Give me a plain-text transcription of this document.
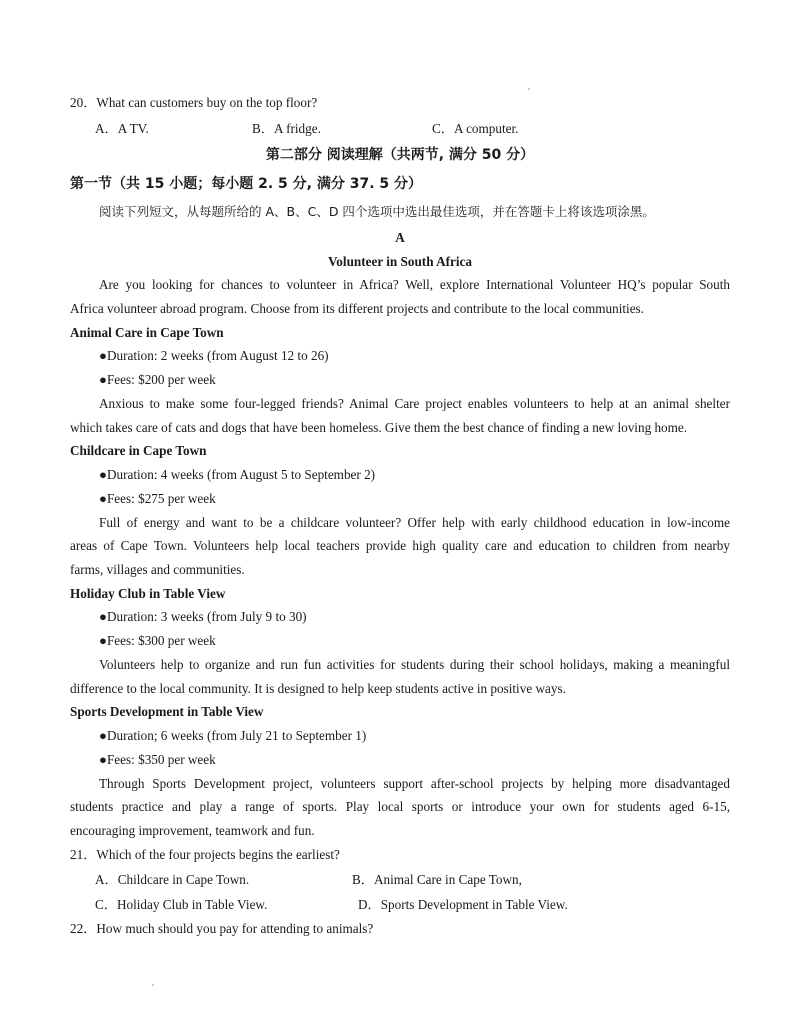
20．What can customers buy on the top floor?
A．A TV.	B．A fridge.	C．A computer.
第二部分 阅读理解（共两节, 满分 50 分）
第一节（共 15 小题；每小题 2. 5 分, 满分 37. 5 分）
阅读下列短文，从每题所给的 A、B、C、D 四个选项中选出最佳选项，并在答题卡上将该选项涂黑。
A
Volunteer in South Africa
Are you looking for chances to volunteer in Africa? Well, explore International Volunteer HQ’s popular South
Africa volunteer abroad program. Choose from its different projects and contribute to the local communities.
Animal Care in Cape Town
●Duration: 2 weeks (from August 12 to 26)
●Fees: $200 per week
Anxious to make some four-legged friends? Animal Care project enables volunteers to help at an animal shelter
which takes care of cats and dogs that have been homeless. Give them the best chance of finding a new loving home.
Childcare in Cape Town
●Duration: 4 weeks (from August 5 to September 2)
●Fees: $275 per week
Full of energy and want to be a childcare volunteer? Offer help with early childhood education in low-income
areas of Cape Town. Volunteers help local teachers provide high quality care and education to children from nearby
farms, villages and communities.
Holiday Club in Table View
●Duration: 3 weeks (from July 9 to 30)
●Fees: $300 per week
Volunteers help to organize and run fun activities for students during their school holidays, making a meaningful
difference to the local community. It is designed to help keep students active in positive ways.
Sports Development in Table View
●Duration; 6 weeks (from July 21 to September 1)
●Fees: $350 per week
Through Sports Development project, volunteers support after-school projects by helping more disadvantaged
students practice and play a range of sports. Play local sports or introduce your own for students aged 6-15,
encouraging improvement, teamwork and fun.
21．Which of the four projects begins the earliest?
A．Childcare in Cape Town.	B．Animal Care in Cape Town,
C．Holiday Club in Table View.	D．Sports Development in Table View.
22．How much should you pay for attending to animals?
